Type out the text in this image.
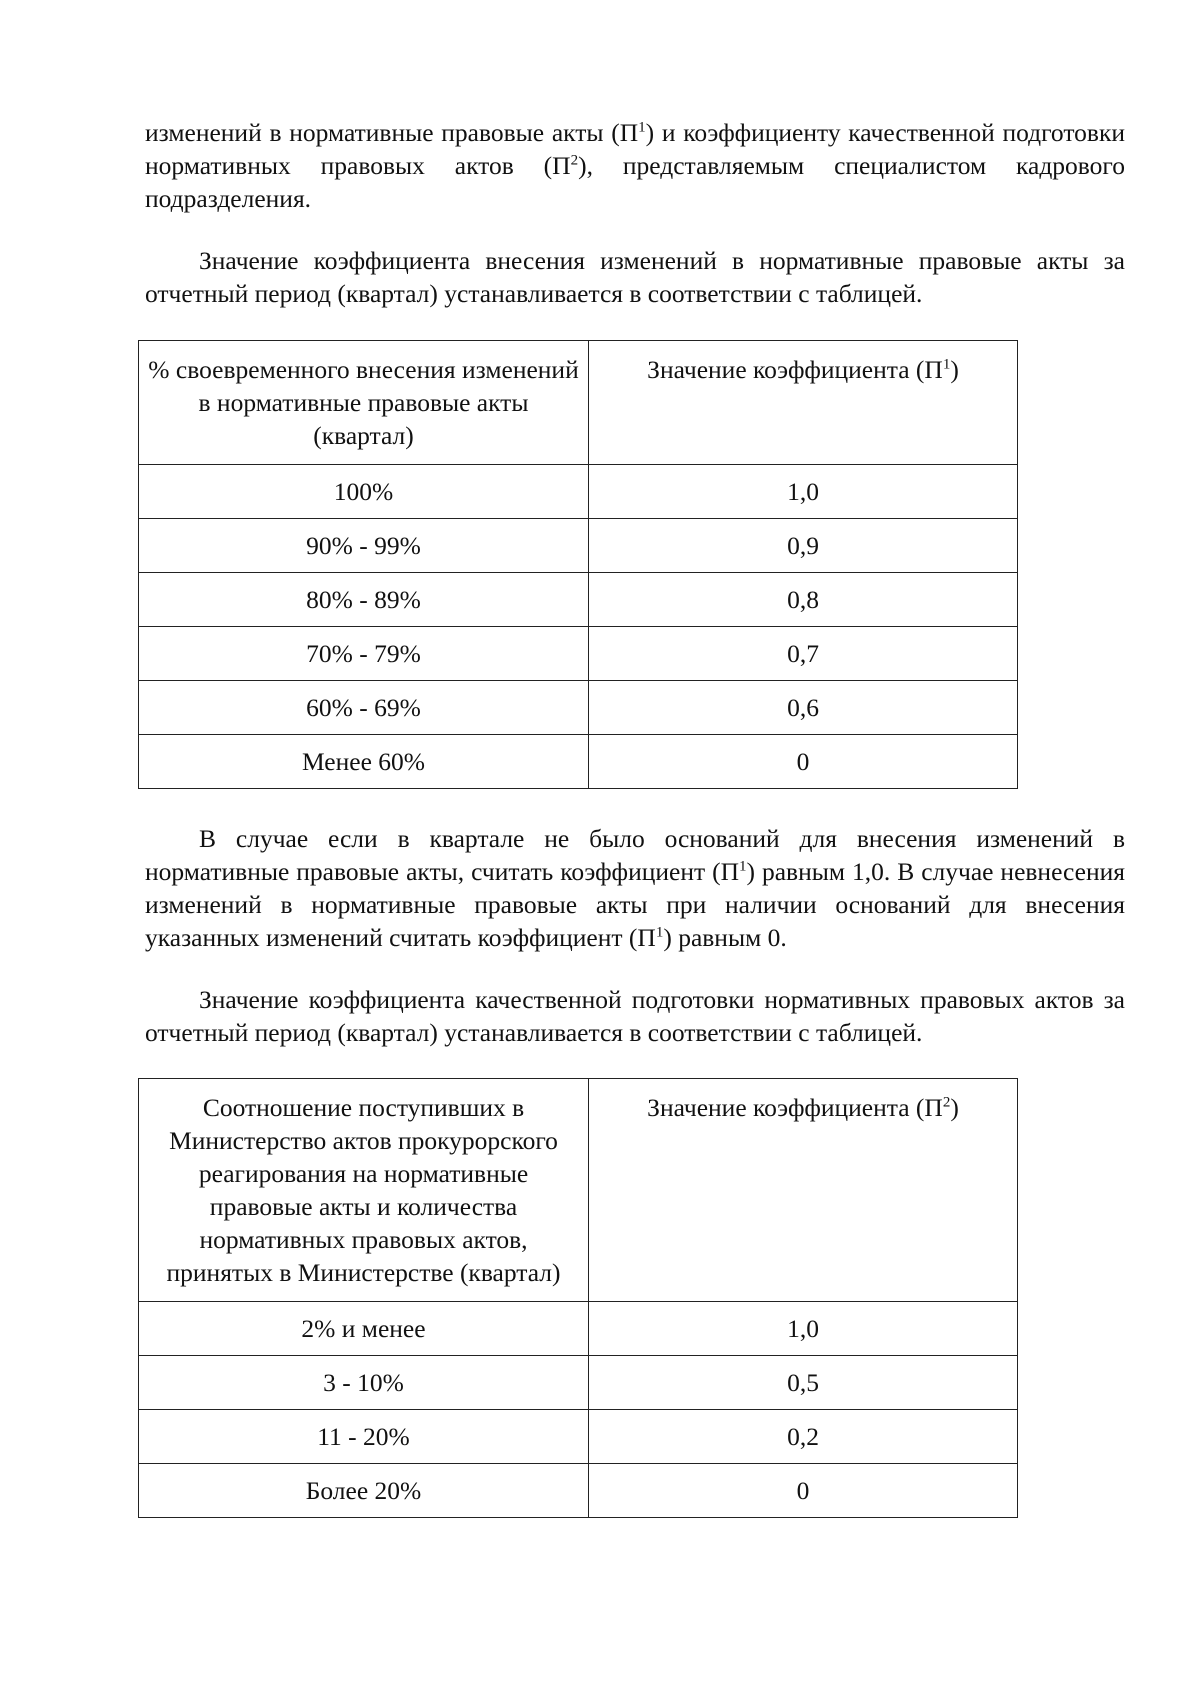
изменений в нормативные правовые акты $(П^1)$ и коэффициенту качественной подготовки нормативных правовых актов $(П^2)$, представляемым специалистом кадрового подразделения.

Значение коэффициента внесения изменений в нормативные правовые акты за отчетный период (квартал) устанавливается в соответствии с таблицей.

% своевременного внесения изменений в нормативные правовые акты (квартал)	Значение коэффициента $(П^1)$
100%	1,0
90% - 99%	0,9
80% - 89%	0,8
70% - 79%	0,7
60% - 69%	0,6
Менее 60%	0

В случае если в квартале не было оснований для внесения изменений в нормативные правовые акты, считать коэффициент $(П^1)$ равным 1,0. В случае невнесения изменений в нормативные правовые акты при наличии оснований для внесения указанных изменений считать коэффициент $(П^1)$ равным 0.

Значение коэффициента качественной подготовки нормативных правовых актов за отчетный период (квартал) устанавливается в соответствии с таблицей.

Соотношение поступивших в Министерство актов прокурорского реагирования на нормативные правовые акты и количества нормативных правовых актов, принятых в Министерстве (квартал)	Значение коэффициента $(П^2)$
2% и менее	1,0
3 - 10%	0,5
11 - 20%	0,2
Более 20%	0
